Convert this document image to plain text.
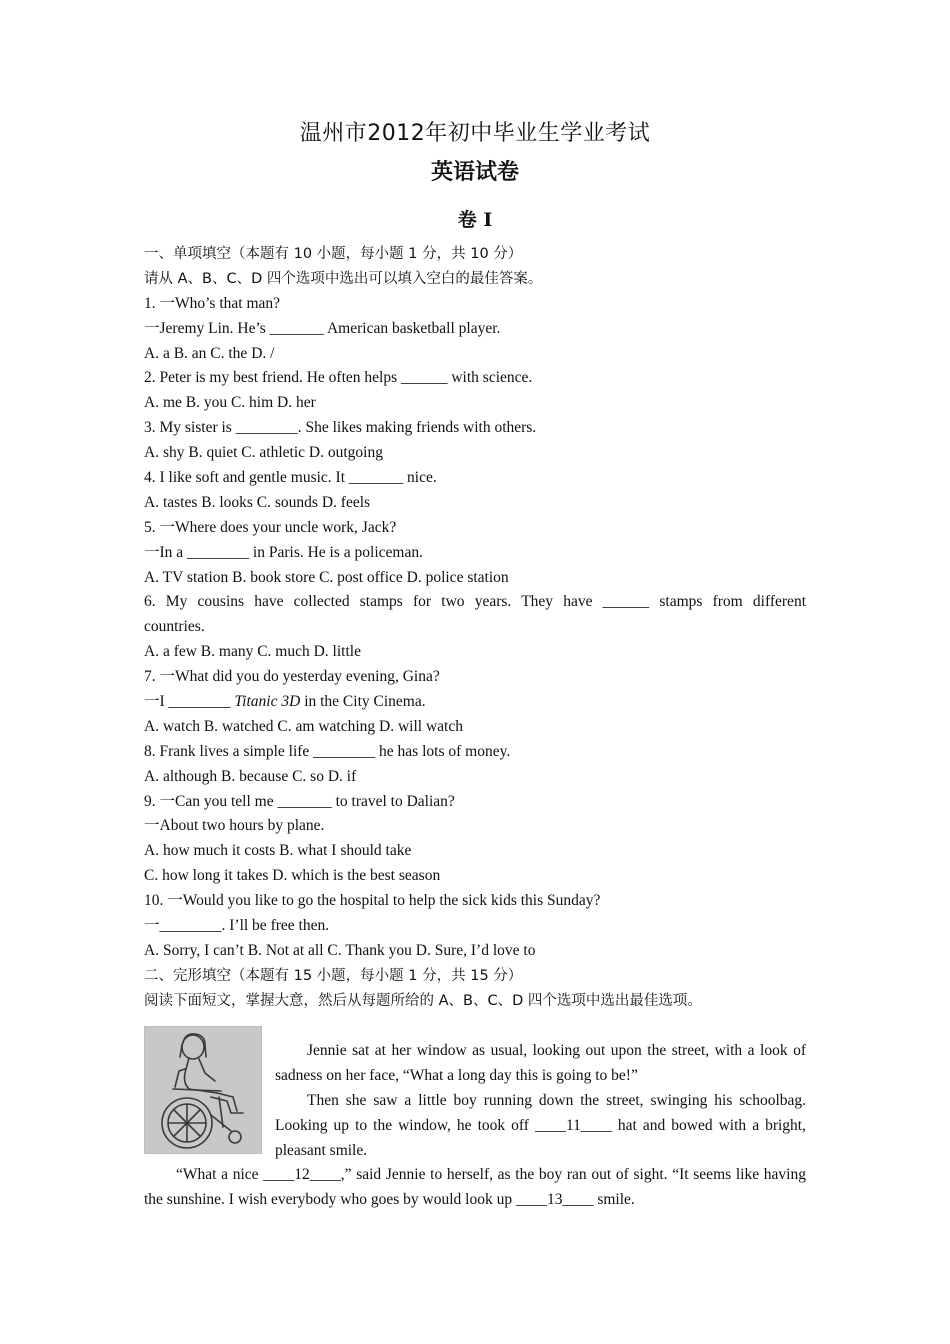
温州市2012年初中毕业生学业考试
英语试卷
卷 I
一、单项填空（本题有 10 小题，每小题 1 分，共 10 分）
请从 A、B、C、D 四个选项中选出可以填入空白的最佳答案。
1. 一Who’s that man?
一Jeremy Lin. He’s _______ American basketball player.
A. a B. an C. the D. /
2. Peter is my best friend. He often helps ______ with science.
A. me B. you C. him D. her
3. My sister is ________. She likes making friends with others.
A. shy B. quiet C. athletic D. outgoing
4. I like soft and gentle music. It _______ nice.
A. tastes B. looks C. sounds D. feels
5. 一Where does your uncle work, Jack?
一In a ________ in Paris. He is a policeman.
A. TV station B. book store C. post office D. police station
6. My cousins have collected stamps for two years. They have ______ stamps from different
countries.
A. a few B. many C. much D. little
7. 一What did you do yesterday evening, Gina?
一I ________ Titanic 3D in the City Cinema.
A. watch B. watched C. am watching D. will watch
8. Frank lives a simple life ________ he has lots of money.
A. although B. because C. so D. if
9. 一Can you tell me _______ to travel to Dalian?
一About two hours by plane.
A. how much it costs B. what I should take
C. how long it takes D. which is the best season
10. 一Would you like to go the hospital to help the sick kids this Sunday?
一________. I’ll be free then.
A. Sorry, I can’t B. Not at all C. Thank you D. Sure, I’d love to
二、完形填空（本题有 15 小题，每小题 1 分，共 15 分）
阅读下面短文，掌握大意，然后从每题所给的 A、B、C、D 四个选项中选出最佳选项。

Jennie sat at her window as usual, looking out upon the street, with a look of sadness on her face, “What a long day this is going to be!”

Then she saw a little boy running down the street, swinging his schoolbag. Looking up to the window, he took off ____11____ hat and bowed with a bright, pleasant smile.

“What a nice ____12____,” said Jennie to herself, as the boy ran out of sight. “It seems like having the sunshine. I wish everybody who goes by would look up ____13____ smile.
